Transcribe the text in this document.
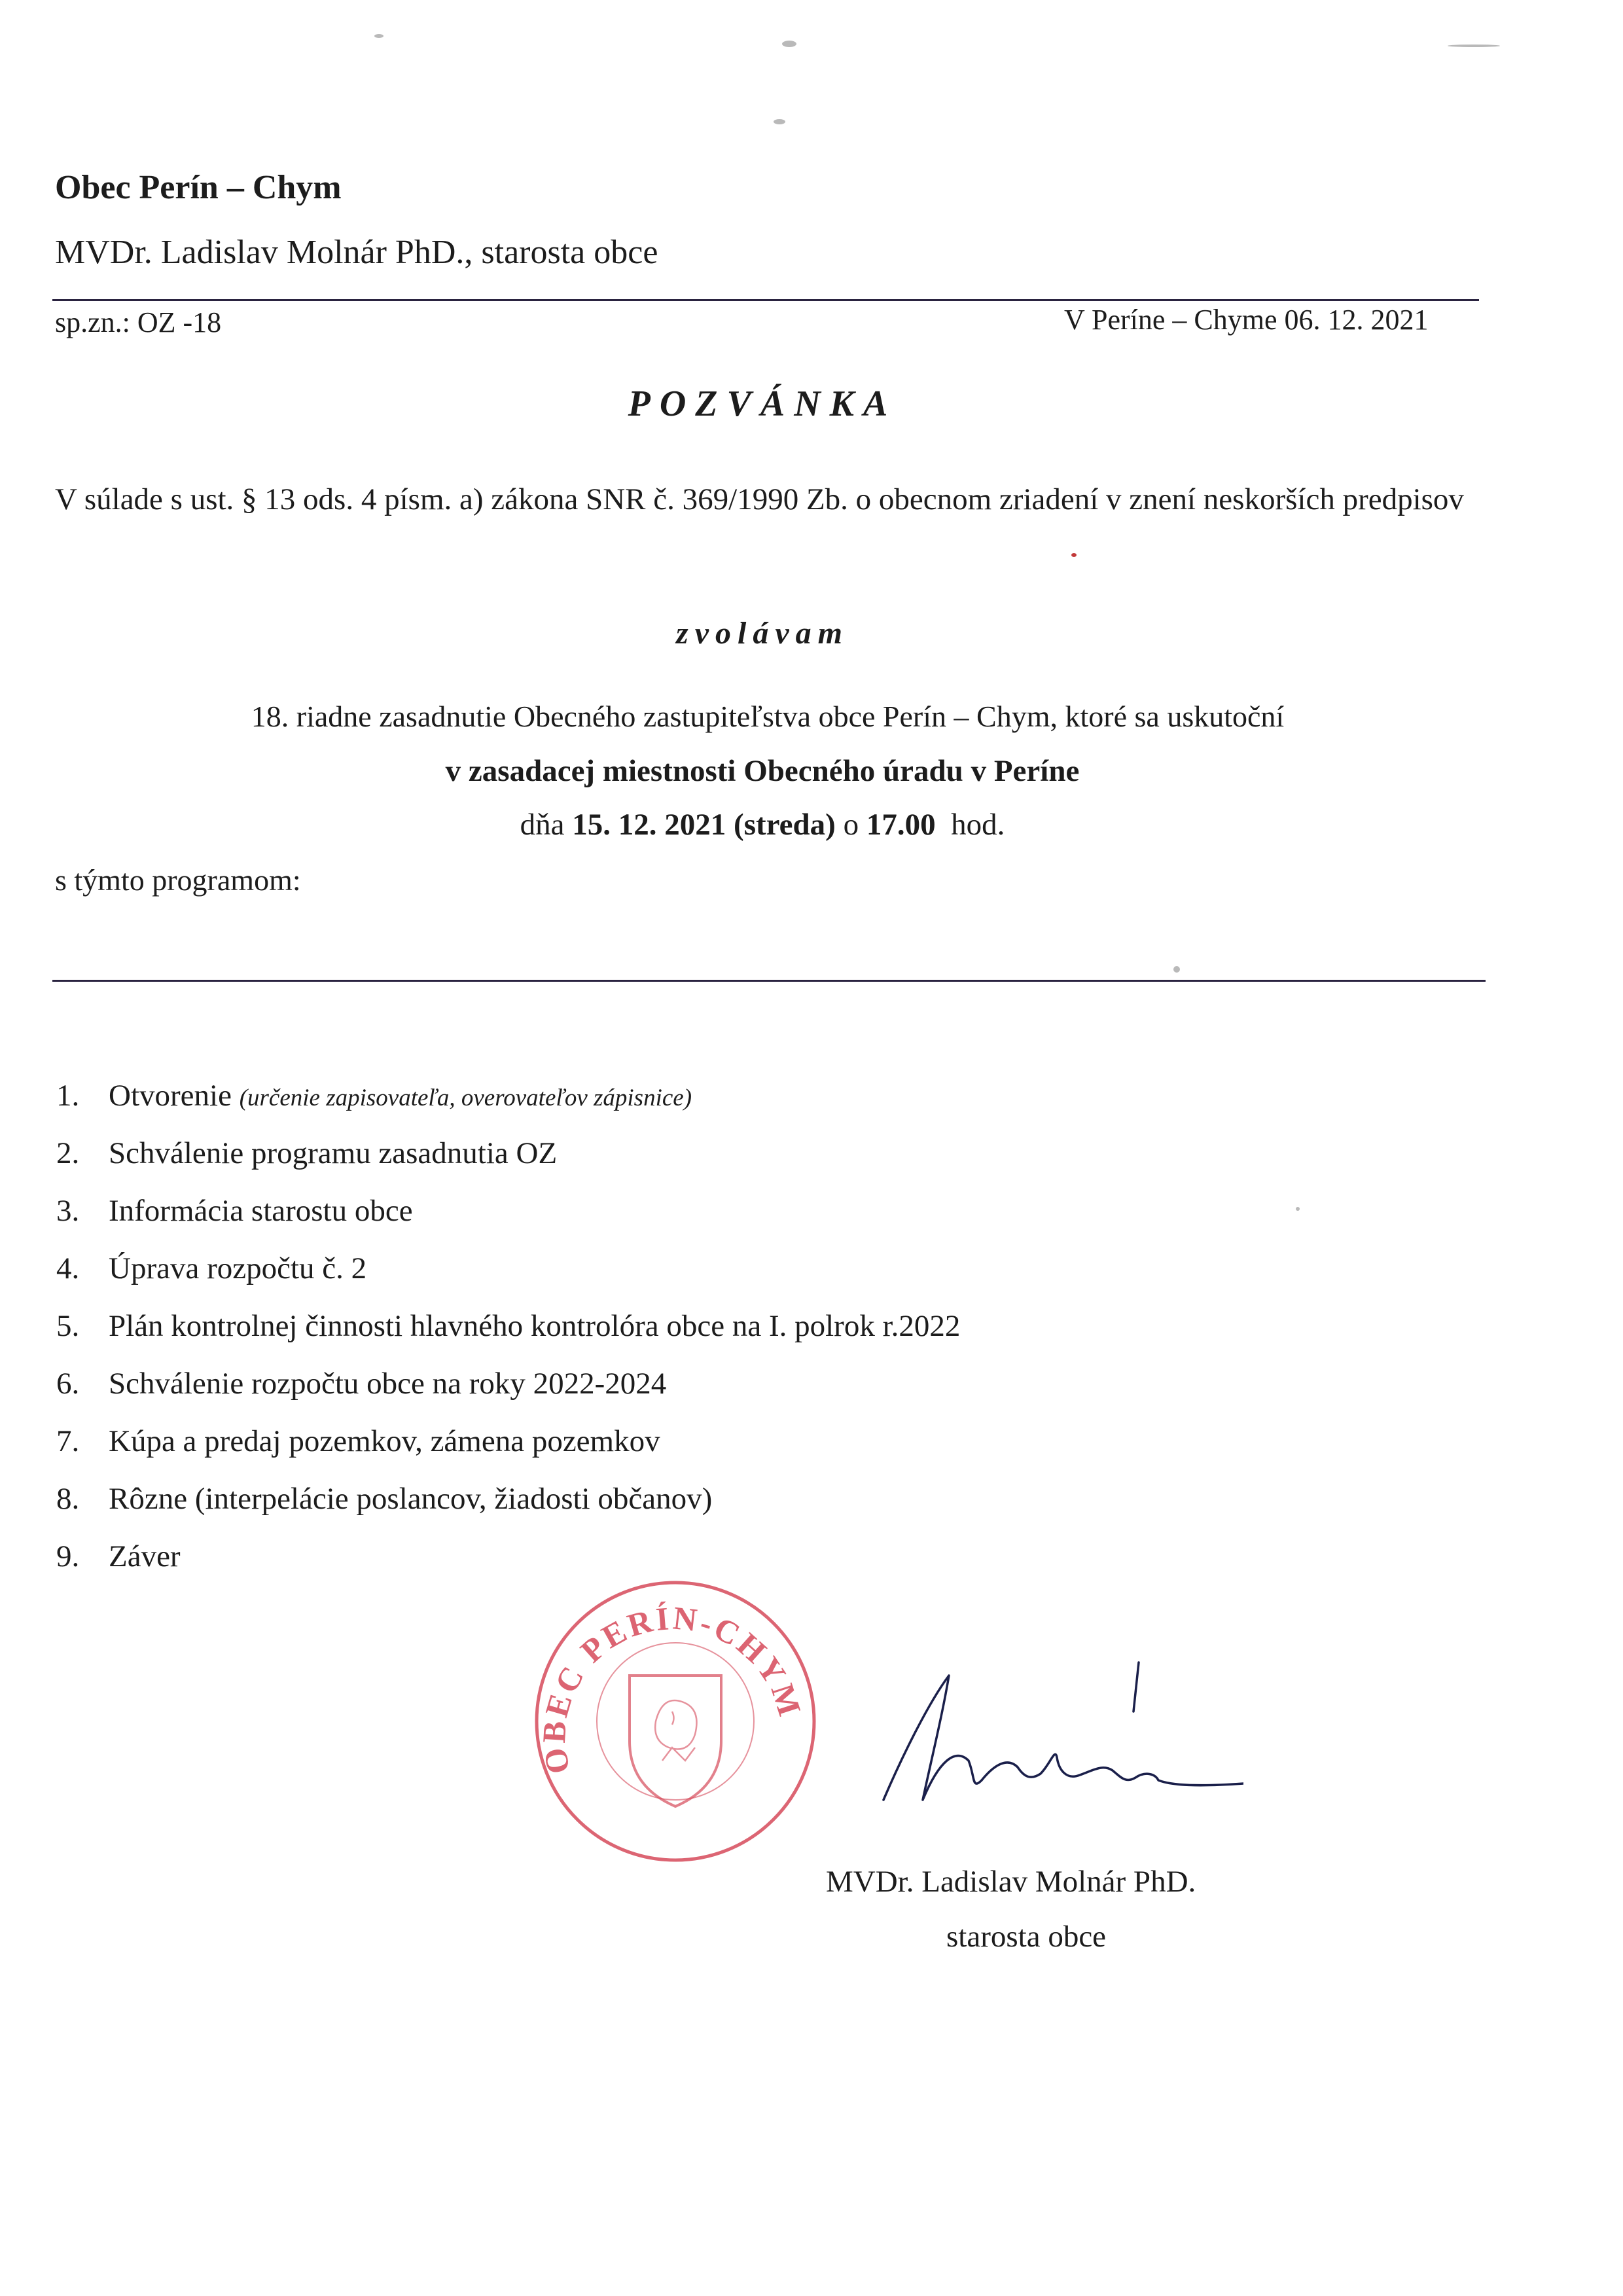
Obec Perín – Chym
MVDr. Ladislav Molnár PhD., starosta obce
sp.zn.: OZ -18	V Períne – Chyme 06. 12. 2021
POZVÁNKA
V súlade s ust. § 13 ods. 4 písm. a) zákona SNR č. 369/1990 Zb. o obecnom zriadení v znení neskorších predpisov
zvolávam
18. riadne zasadnutie Obecného zastupiteľstva obce Perín – Chym, ktoré sa uskutoční
v zasadacej miestnosti Obecného úradu v Períne
dňa 15. 12. 2021 (streda) o 17.00 hod.
s týmto programom:
1. Otvorenie (určenie zapisovateľa, overovateľov zápisnice)
2. Schválenie programu zasadnutia OZ
3. Informácia starostu obce
4. Úprava rozpočtu č. 2
5. Plán kontrolnej činnosti hlavného kontrolóra obce na I. polrok r.2022
6. Schválenie rozpočtu obce na roky 2022-2024
7. Kúpa a predaj pozemkov, zámena pozemkov
8. Rôzne (interpelácie poslancov, žiadosti občanov)
9. Záver
OBEC PERÍN-CHYM
MVDr. Ladislav Molnár PhD.
starosta obce
